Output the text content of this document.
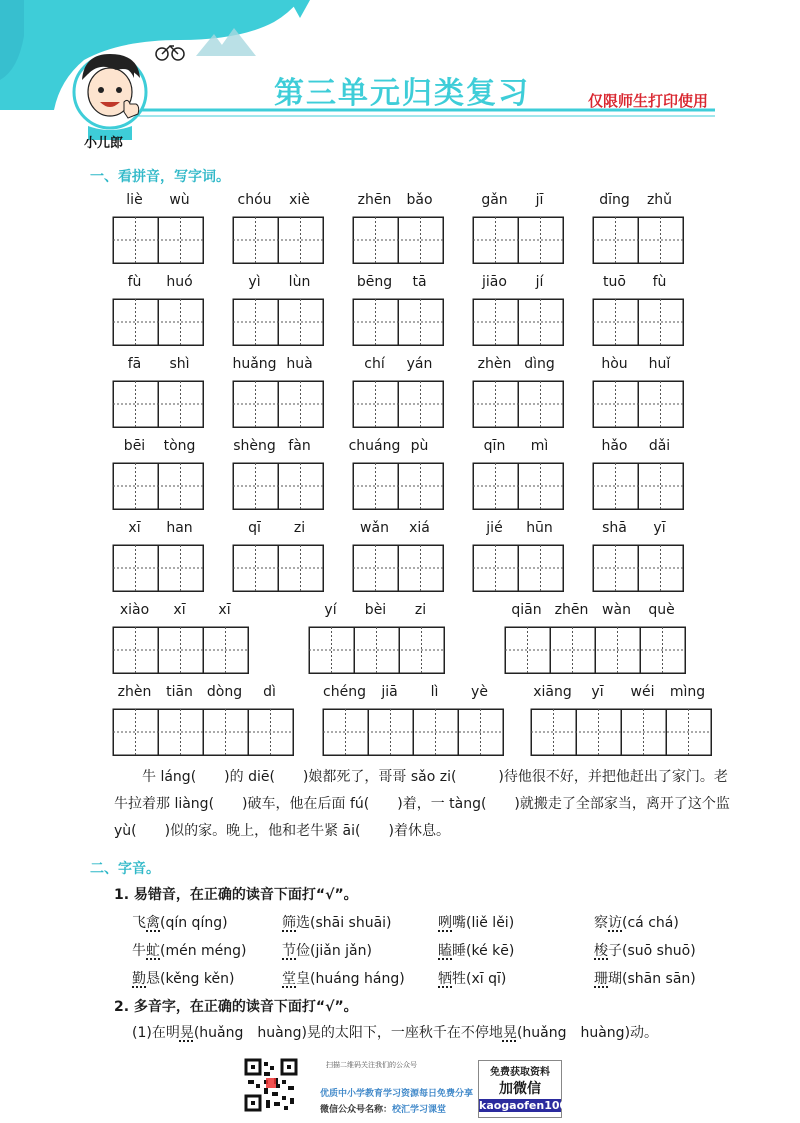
第三单元归类复习	仅限师生打印使用
小儿郎
一、看拼音，写字词。
liè wù	chóu xiè	zhēn bǎo	gǎn jī	dīng zhǔ
fù huó	yì lùn	bēng tā	jiāo jí	tuō fù
fā shì	huǎng huà	chí yán	zhèn dìng	hòu huǐ
bēi tòng	shèng fàn	chuáng pù	qīn mì	hǎo dǎi
xī han	qī zi	wǎn xiá	jié hūn	shā yī
xiào xī xī	yí bèi zi	qiān zhēn wàn què
zhèn tiān dòng dì	chéng jiā lì yè	xiāng yī wéi mìng
牛 láng(　　)的 diē(　　)娘都死了，哥哥 sǎo zi(　　　)待他很不好，并把他赶出了家门。老牛拉着那 liàng(　　)破车，他在后面 fú(　　)着，一 tàng(　　)就搬走了全部家当，离开了这个监 yù(　　)似的家。晚上，他和老牛紧 āi(　　)着休息。
二、字音。
1. 易错音，在正确的读音下面打“√”。
飞禽(qín qíng)	筛选(shāi shuāi)	咧嘴(liě lěi)	察访(cá chá)
牛虻(mén méng)	节俭(jiǎn jǎn)	瞌睡(ké kē)	梭子(suō shuō)
勤恳(kěng kěn)	堂皇(huáng háng) 牺牲(xī qī)	珊瑚(shān sān)
2. 多音字，在正确的读音下面打“√”。
(1)在明晃(huǎng　huàng)晃的太阳下，一座秋千在不停地晃(huǎng　huàng)动。
扫描二维码关注我们的公众号
优质中小学教育学习资源每日免费分享
微信公众号名称：校汇学习课堂
免费获取资料
加微信
kaogaofen100
